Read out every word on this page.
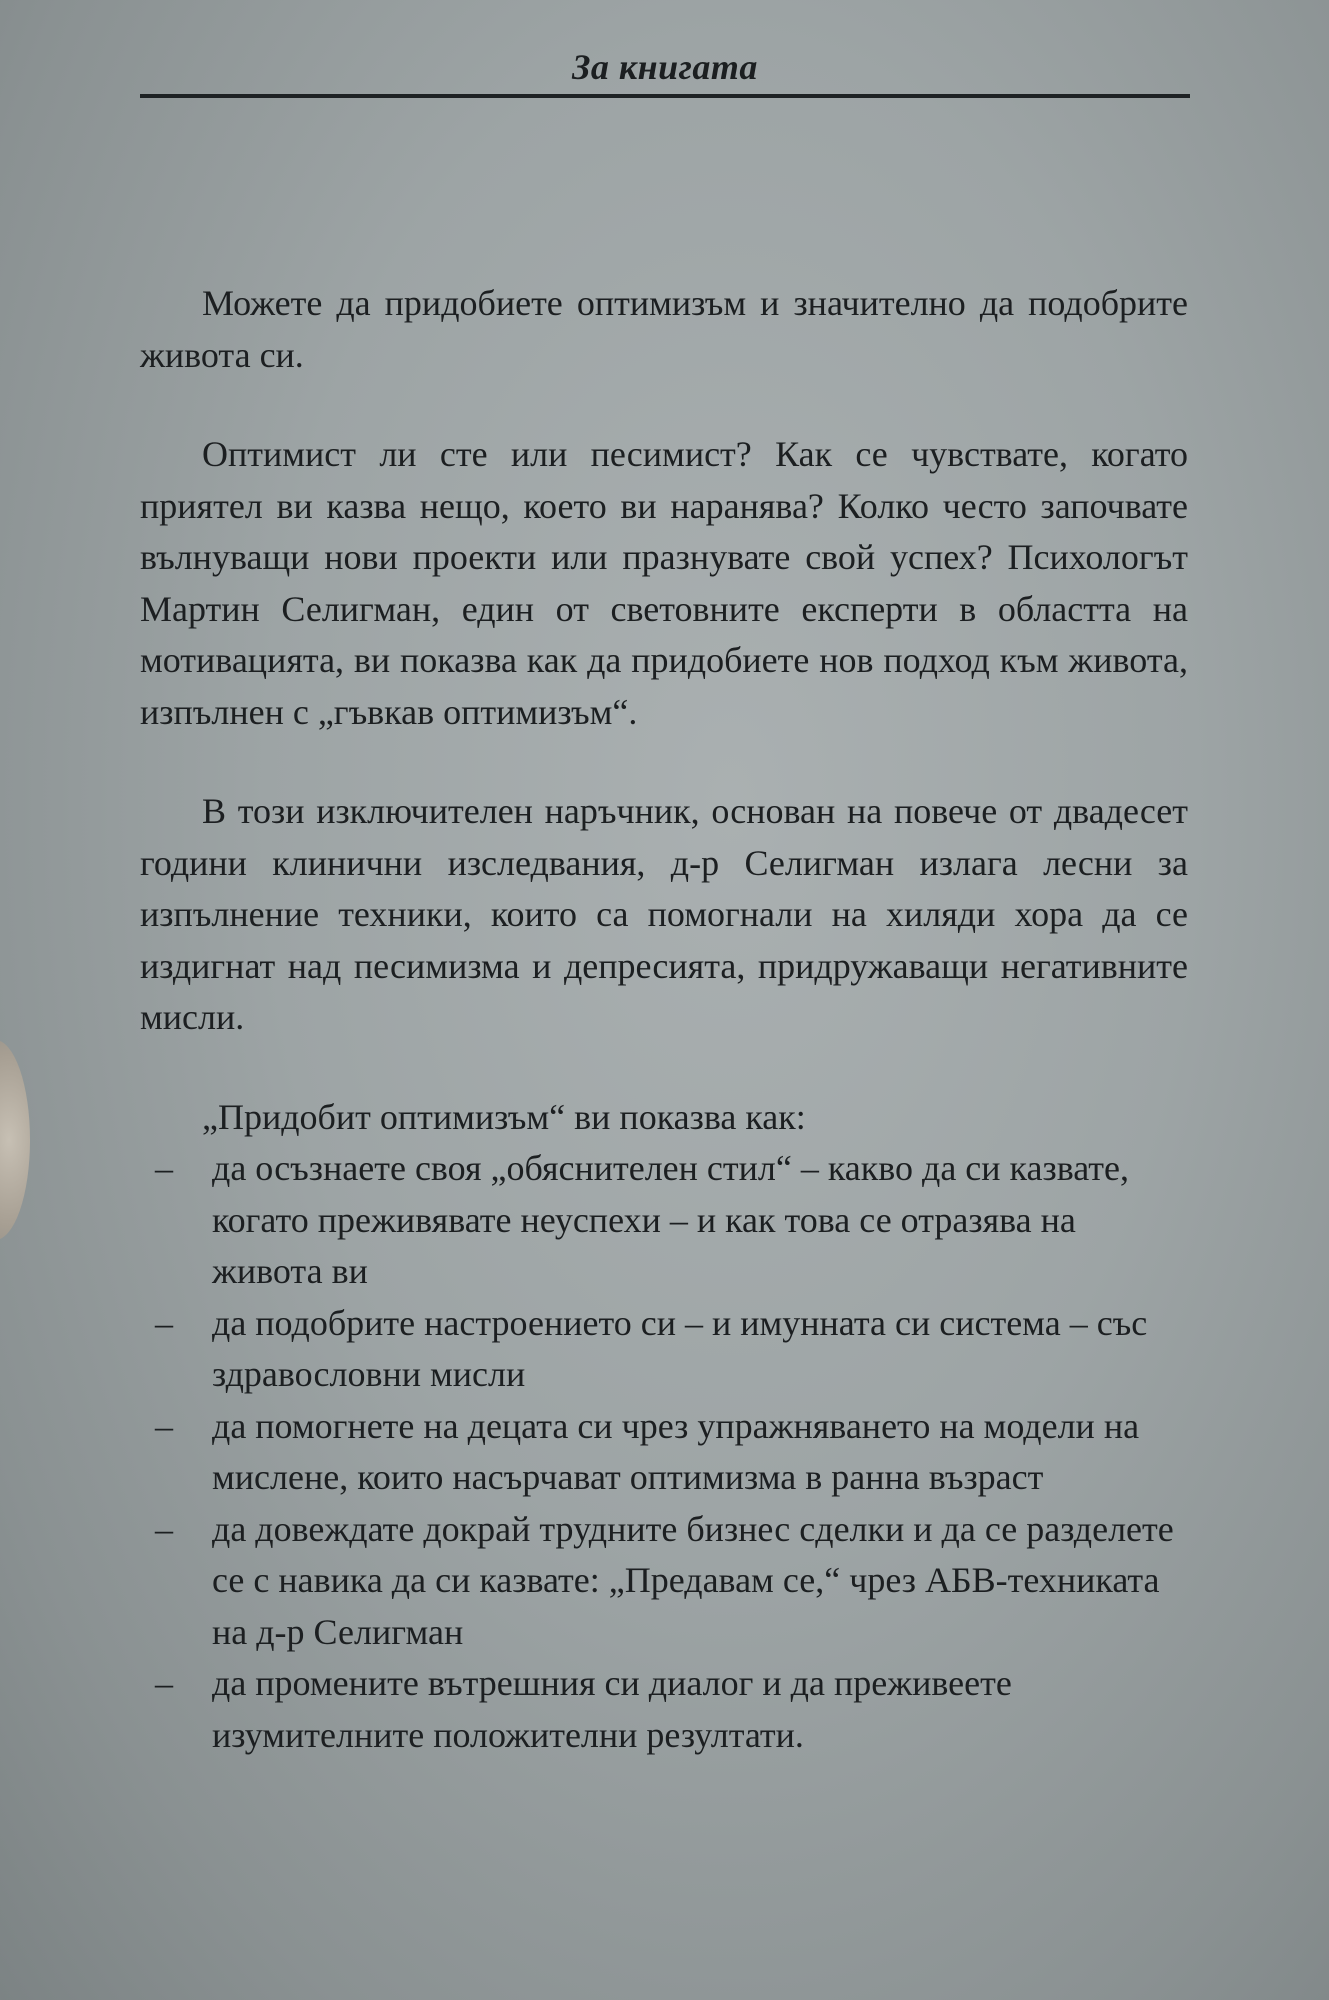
За книгата

Можете да придобиете оптимизъм и значително да подобрите живота си.

Оптимист ли сте или песимист? Как се чувствате, когато приятел ви казва нещо, което ви наранява? Колко често започвате вълнуващи нови проекти или празнувате свой успех? Психологът Мартин Селигман, един от световните експерти в областта на мотивацията, ви показва как да придобиете нов подход към живота, изпълнен с „гъвкав оптимизъм“.

В този изключителен наръчник, основан на повече от двадесет години клинични изследвания, д-р Селигман излага лесни за изпълнение техники, които са помогнали на хиляди хора да се издигнат над песимизма и депресията, придружаващи негативните мисли.

„Придобит оптимизъм“ ви показва как:

– да осъзнаете своя „обяснителен стил“ – какво да си казвате, когато преживявате неуспехи – и как това се отразява на живота ви
– да подобрите настроението си – и имунната си система – със здравословни мисли
– да помогнете на децата си чрез упражняването на модели на мислене, които насърчават оптимизма в ранна възраст
– да довеждате докрай трудните бизнес сделки и да се разделете се с навика да си казвате: „Предавам се,“ чрез АБВ-техниката на д-р Селигман
– да промените вътрешния си диалог и да преживеете изумителните положителни резултати.
